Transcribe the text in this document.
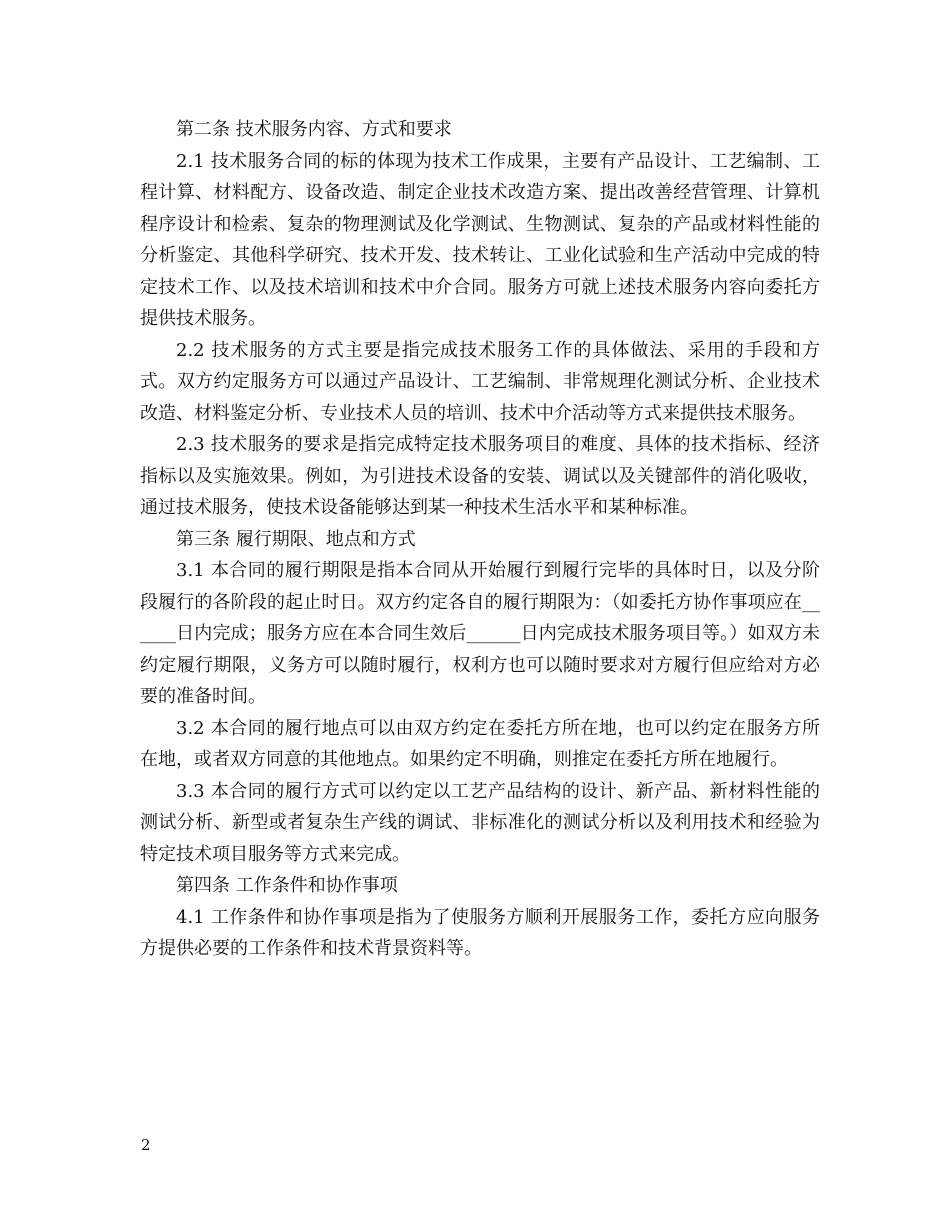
第二条 技术服务内容、方式和要求

2.1 技术服务合同的标的体现为技术工作成果，主要有产品设计、工艺编制、工程计算、材料配方、设备改造、制定企业技术改造方案、提出改善经营管理、计算机程序设计和检索、复杂的物理测试及化学测试、生物测试、复杂的产品或材料性能的分析鉴定、其他科学研究、技术开发、技术转让、工业化试验和生产活动中完成的特定技术工作、以及技术培训和技术中介合同。服务方可就上述技术服务内容向委托方提供技术服务。

2.2 技术服务的方式主要是指完成技术服务工作的具体做法、采用的手段和方式。双方约定服务方可以通过产品设计、工艺编制、非常规理化测试分析、企业技术改造、材料鉴定分析、专业技术人员的培训、技术中介活动等方式来提供技术服务。

2.3 技术服务的要求是指完成特定技术服务项目的难度、具体的技术指标、经济指标以及实施效果。例如，为引进技术设备的安装、调试以及关键部件的消化吸收，通过技术服务，使技术设备能够达到某一种技术生活水平和某种标准。

第三条 履行期限、地点和方式

3.1 本合同的履行期限是指本合同从开始履行到履行完毕的具体时日，以及分阶段履行的各阶段的起止时日。双方约定各自的履行期限为：（如委托方协作事项应在______日内完成；服务方应在本合同生效后______日内完成技术服务项目等。）如双方未约定履行期限，义务方可以随时履行，权利方也可以随时要求对方履行但应给对方必要的准备时间。

3.2 本合同的履行地点可以由双方约定在委托方所在地，也可以约定在服务方所在地，或者双方同意的其他地点。如果约定不明确，则推定在委托方所在地履行。

3.3 本合同的履行方式可以约定以工艺产品结构的设计、新产品、新材料性能的测试分析、新型或者复杂生产线的调试、非标准化的测试分析以及利用技术和经验为特定技术项目服务等方式来完成。

第四条 工作条件和协作事项

4.1 工作条件和协作事项是指为了使服务方顺利开展服务工作，委托方应向服务方提供必要的工作条件和技术背景资料等。

2
